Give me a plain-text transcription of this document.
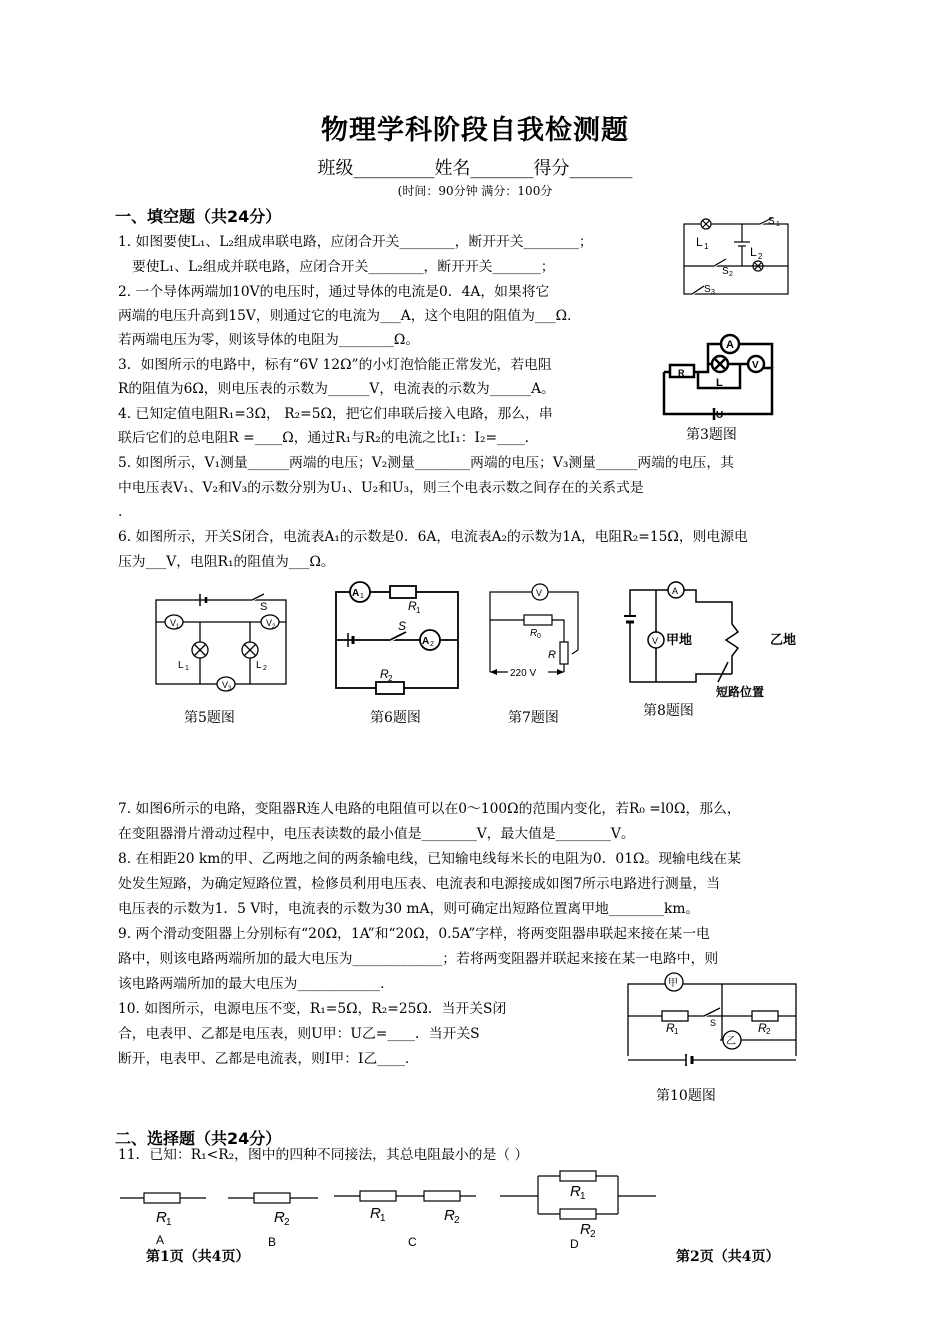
物理学科阶段自我检测题
班级_________姓名_______得分_______
(时间：90分钟 满分：100分
一、填空题（共24分）
1. 如图要使L₁、L₂组成串联电路，应闭合开关________，断开开关________；
要使L₁、L₂组成并联电路，应闭合开关________，断开开关_______；
2. 一个导体两端加10V的电压时，通过导体的电流是0．4A，如果将它
两端的电压升高到15V，则通过它的电流为___A，这个电阻的阻值为___Ω.
若两端电压为零，则该导体的电阻为________Ω。
3．如图所示的电路中，标有“6V 12Ω”的小灯泡恰能正常发光，若电阻
R的阻值为6Ω，则电压表的示数为______V，电流表的示数为______A。
4. 已知定值电阻R₁=3Ω， R₂=5Ω，把它们串联后接入电路，那么，串
联后它们的总电阻R =____Ω，通过R₁与R₂的电流之比I₁：I₂=____.
5. 如图所示，V₁测量______两端的电压；V₂测量________两端的电压；V₃测量______两端的电压，其
中电压表V₁、V₂和V₃的示数分别为U₁、U₂和U₃，则三个电表示数之间存在的关系式是
.
6. 如图所示，开关S闭合，电流表A₁的示数是0．6A，电流表A₂的示数为1A，电阻R₂=15Ω，则电源电
压为___V，电阻R₁的阻值为___Ω。
7. 如图6所示的电路，变阻器R连人电路的电阻值可以在0～100Ω的范围内变化，若R₀ =l0Ω，那么，
在变阻器滑片滑动过程中，电压表读数的最小值是________V，最大值是________V。
8. 在相距20 km的甲、乙两地之间的两条输电线，已知输电线每米长的电阻为0．01Ω。现输电线在某
处发生短路，为确定短路位置，检修员利用电压表、电流表和电源接成如图7所示电路进行测量，当
电压表的示数为1．5 V时，电流表的示数为30 mA，则可确定出短路位置离甲地________km。
9. 两个滑动变阻器上分别标有“20Ω，1A”和“20Ω，0.5A”字样，将两变阻器串联起来接在某一电
路中，则该电路两端所加的最大电压为_____________；若将两变阻器并联起来接在某一电路中，则
该电路两端所加的最大电压为____________.
10. 如图所示，电源电压不变，R₁=5Ω，R₂=25Ω．当开关S闭
合，电表甲、乙都是电压表，则U甲：U乙=____．当开关S
断开，电表甲、乙都是电流表，则I甲：I乙____.
二、选择题（共24分）
11．已知：R₁<R₂，图中的四种不同接法，其总电阻最小的是（ ）
L 1	L 2
S 1
S 2
S 3
A
V
R
L
U
第3题图
V 1	V 2
V 3
L 1	L 2
S
第5题图
A 1
A 2
R 1
R 2
S
第6题图
V
R 0
R
220 V
第7题图
A
V 甲地	乙地
短路位置
第8题图
甲
乙
R 1	R 2
S
第10题图
R 1	R 2
R 1	R 2
R 1
R 2
A	B	C	D
第1页（共4页）	第2页（共4页）
